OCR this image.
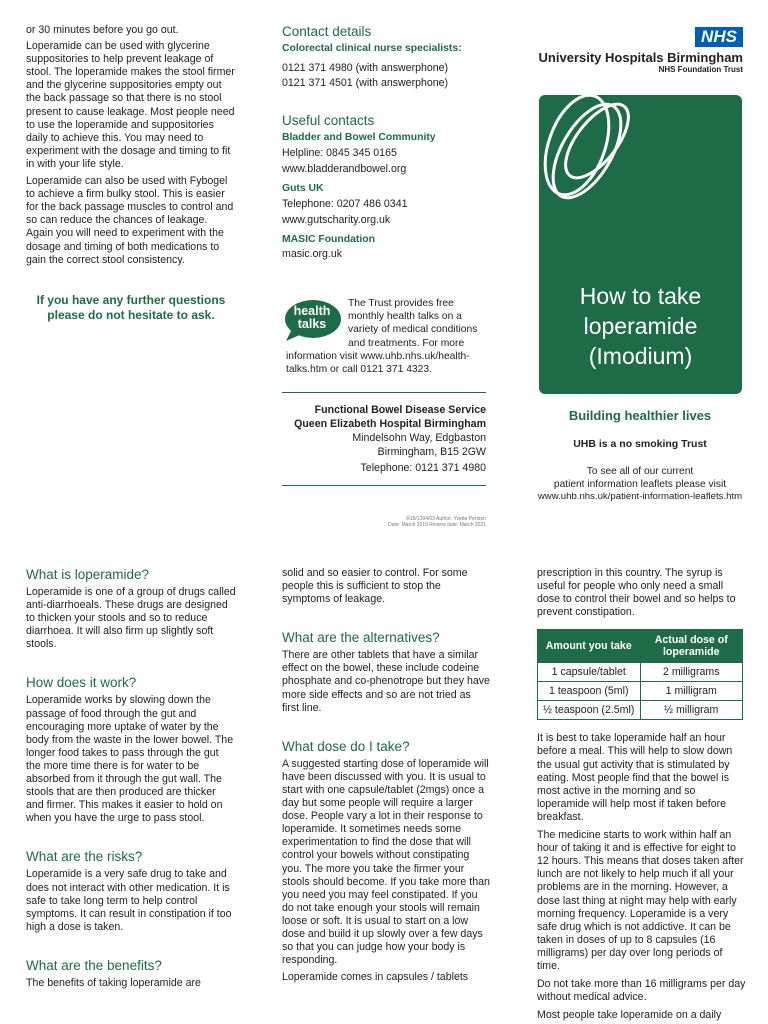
or 30 minutes before you go out.

Loperamide can be used with glycerine suppositories to help prevent leakage of stool. The loperamide makes the stool firmer and the glycerine suppositories empty out the back passage so that there is no stool present to cause leakage. Most people need to use the loperamide and suppositories daily to achieve this. You may need to experiment with the dosage and timing to fit in with your life style.

Loperamide can also be used with Fybogel to achieve a firm bulky stool. This is easier for the back passage muscles to control and so can reduce the chances of leakage. Again you will need to experiment with the dosage and timing of both medications to gain the correct stool consistency.

If you have any further questions please do not hesitate to ask.

Contact details

Colorectal clinical nurse specialists:

0121 371 4980 (with answerphone)

0121 371 4501 (with answerphone)

Useful contacts

Bladder and Bowel Community

Helpline: 0845 345 0165

www.bladderandbowel.org

Guts UK

Telephone: 0207 486 0341

www.gutscharity.org.uk

MASIC Foundation

masic.org.uk

health
talks

The Trust provides free monthly health talks on a variety of medical conditions and treatments. For more information visit www.uhb.nhs.uk/health-talks.htm or call 0121 371 4323.

Functional Bowel Disease Service

Queen Elizabeth Hospital Birmingham

Mindelsohn Way, Edgbaston

Birmingham, B15 2GW

Telephone: 0121 371 4980

R18/1394/03 Author: Yvette Perston
Date: March 2019 Review date: March 2021
NHS
University Hospitals Birmingham
NHS Foundation Trust
How to take
loperamide
(Imodium)
Building healthier lives
UHB is a no smoking Trust
To see all of our current
patient information leaflets please visit
www.uhb.nhs.uk/patient-information-leaflets.htm
What is loperamide?

Loperamide is one of a group of drugs called anti-diarrhoeals. These drugs are designed to thicken your stools and so to reduce diarrhoea. It will also firm up slightly soft stools.

How does it work?

Loperamide works by slowing down the passage of food through the gut and encouraging more uptake of water by the body from the waste in the lower bowel. The longer food takes to pass through the gut the more time there is for water to be absorbed from it through the gut wall. The stools that are then produced are thicker and firmer. This makes it easier to hold on when you have the urge to pass stool.

What are the risks?

Loperamide is a very safe drug to take and does not interact with other medication. It is safe to take long term to help control symptoms. It can result in constipation if too high a dose is taken.

What are the benefits?

The benefits of taking loperamide are

solid and so easier to control. For some people this is sufficient to stop the symptoms of leakage.

What are the alternatives?

There are other tablets that have a similar effect on the bowel, these include codeine phosphate and co-phenotrope but they have more side effects and so are not tried as first line.

What dose do I take?

A suggested starting dose of loperamide will have been discussed with you. It is usual to start with one capsule/tablet (2mgs) once a day but some people will require a larger dose. People vary a lot in their response to loperamide. It sometimes needs some experimentation to find the dose that will control your bowels without constipating you. The more you take the firmer your stools should become. If you take more than you need you may feel constipated. If you do not take enough your stools will remain loose or soft. It is usual to start on a low dose and build it up slowly over a few days so that you can judge how your body is responding.

Loperamide comes in capsules / tablets

prescription in this country. The syrup is useful for people who only need a small dose to control their bowel and so helps to prevent constipation.

Amount you take	Actual dose of loperamide
1 capsule/tablet	2 milligrams
1 teaspoon (5ml)	1 milligram
½ teaspoon (2.5ml)	½ milligram

It is best to take loperamide half an hour before a meal. This will help to slow down the usual gut activity that is stimulated by eating. Most people find that the bowel is most active in the morning and so loperamide will help most if taken before breakfast.

The medicine starts to work within half an hour of taking it and is effective for eight to 12 hours. This means that doses taken after lunch are not likely to help much if all your problems are in the morning. However, a dose last thing at night may help with early morning frequency. Loperamide is a very safe drug which is not addictive. It can be taken in doses of up to 8 capsules (16 milligrams) per day over long periods of time.

Do not take more than 16 milligrams per day without medical advice.

Most people take loperamide on a daily
